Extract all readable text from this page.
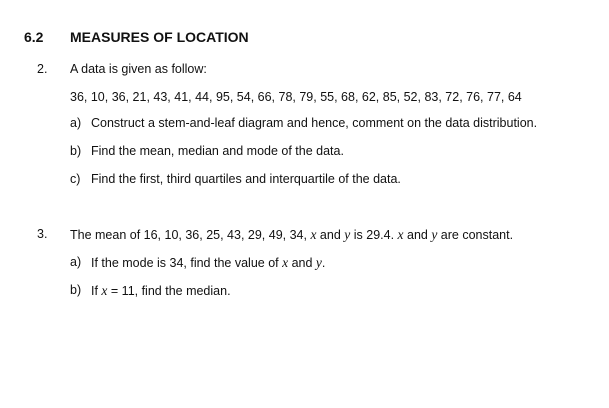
6.2 MEASURES OF LOCATION
2. A data is given as follow:
36, 10, 36, 21, 43, 41, 44, 95, 54, 66, 78, 79, 55, 68, 62, 85, 52, 83, 72, 76, 77, 64
a) Construct a stem-and-leaf diagram and hence, comment on the data distribution.
b) Find the mean, median and mode of the data.
c) Find the first, third quartiles and interquartile of the data.
3. The mean of 16, 10, 36, 25, 43, 29, 49, 34, x and y is 29.4. x and y are constant.
a) If the mode is 34, find the value of x and y.
b) If x = 11, find the median.
